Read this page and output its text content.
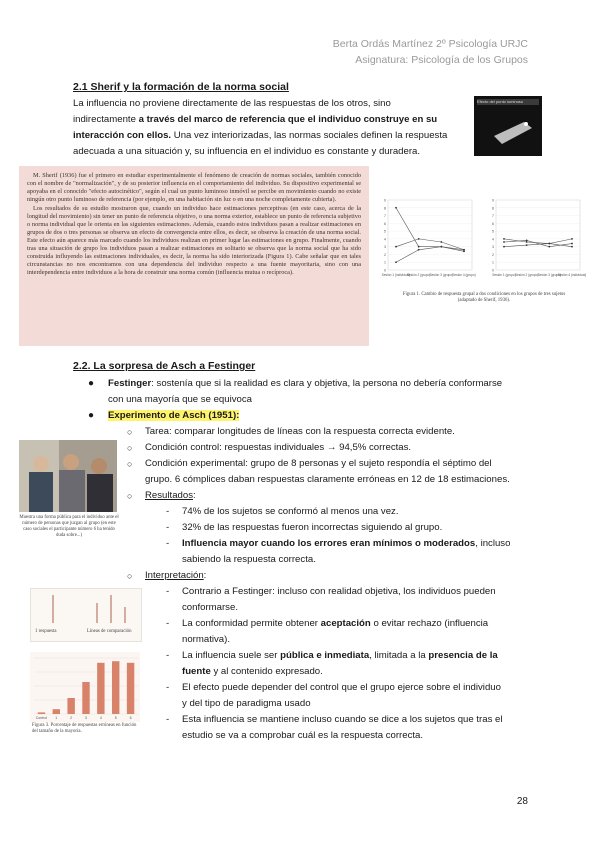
Berta Ordás Martínez 2º Psicología URJC
Asignatura: Psicología de los Grupos
2.1 Sherif y la formación de la norma social
La influencia no proviene directamente de las respuestas de los otros, sino
indirectamente a través del marco de referencia que el individuo construye en su
interacción con ellos. Una vez interiorizadas, las normas sociales definen la respuesta
adecuada a una situación y, su influencia en el individuo es constante y duradera.
Efecto del punto luminoso

M. Sherif (1936) fue el primero en estudiar experimentalmente el fenómeno de creación de normas sociales, también conocido con el nombre de "normalización", y de su posterior influencia en el comportamiento del individuo. Su dispositivo experimental se apoyaba en el conocido "efecto autocinético", según el cual un punto luminoso inmóvil se percibe en movimiento cuando no existe ningún otro punto luminoso de referencia (por ejemplo, en una habitación sin luz o en una noche completamente cubierta).

Los resultados de su estudio mostraron que, cuando un individuo hace estimaciones perceptivas (en este caso, acerca de la longitud del movimiento) sin tener un punto de referencia objetivo, o una norma exterior, establece un punto de referencia subjetivo o norma individual que le orienta en las siguientes estimaciones. Además, cuando estos individuos pasan a realizar estimaciones en grupos de dos o tres personas se observa un efecto de convergencia entre ellos, es decir, se observa la creación de una norma social. Este efecto aún aparece más marcado cuando los individuos realizan en primer lugar las estimaciones en grupo. Finalmente, cuando tras una situación de grupo los individuos pasan a realizar estimaciones en solitario se observa que la norma social que ha sido construida influyendo las estimaciones individuales, es decir, la norma ha sido interiorizada (Figura 1). Cabe señalar que en tales circunstancias no nos encontramos con una dependencia del individuo respecto a una fuente mayoritaria, sino con una interdependencia entre individuos a la hora de construir una norma común (influencia mutua o recíproca).

9
8
7
6
5
4
3
2
1
0
Sesión 1 (individual)
Sesión 2 (grupo) Sesión 3 (grupo) Sesión 4 (grupo)
9
8
7
6
5
4
3
2
1
0
Sesión 1 (grupo) Sesión 2 (grupo) Sesión 3 (grupo)
Sesión 4 (individual)
Figura 1. Cambio de respuesta grupal a dos condiciones en los grupos de tres sujetos (adaptado de Sherif, 1936).
2.2. La sorpresa de Asch a Festinger
● Festinger: sostenía que si la realidad es clara y objetiva, la persona no debería conformarse
con una mayoría que se equivoca
● Experimento de Asch (1951):
○ Tarea: comparar longitudes de líneas con la respuesta correcta evidente.
○ Condición control: respuestas individuales → 94,5% correctas.
○ Condición experimental: grupo de 8 personas y el sujeto respondía el séptimo del
grupo. 6 cómplices daban respuestas claramente erróneas en 12 de 18 estimaciones.
○ Resultados:
- 74% de los sujetos se conformó al menos una vez.
- 32% de las respuestas fueron incorrectas siguiendo al grupo.
- Influencia mayor cuando los errores eran mínimos o moderados, incluso
sabiendo la respuesta correcta.
○ Interpretación:
- Contrario a Festinger: incluso con realidad objetiva, los individuos pueden
conformarse.
- La conformidad permite obtener aceptación o evitar rechazo (influencia
normativa).
- La influencia suele ser pública e inmediata, limitada a la presencia de la
fuente y al contenido expresado.
- El efecto puede depender del control que el grupo ejerce sobre el individuo
y del tipo de paradigma usado
- Esta influencia se mantiene incluso cuando se dice a los sujetos que tras el
estudio se va a comprobar cuál es la respuesta correcta.
Muestra una forma pública para el individuo ante el número de personas que juzgan al grupo (en este caso sociales el participante número 6 ha tenido duda sobre...)
1 respuesta	Líneas de comparación
Control 1	2	3	4	5	6
Figura 3. Porcentaje de respuestas erróneas en función del tamaño de la mayoría.
28
